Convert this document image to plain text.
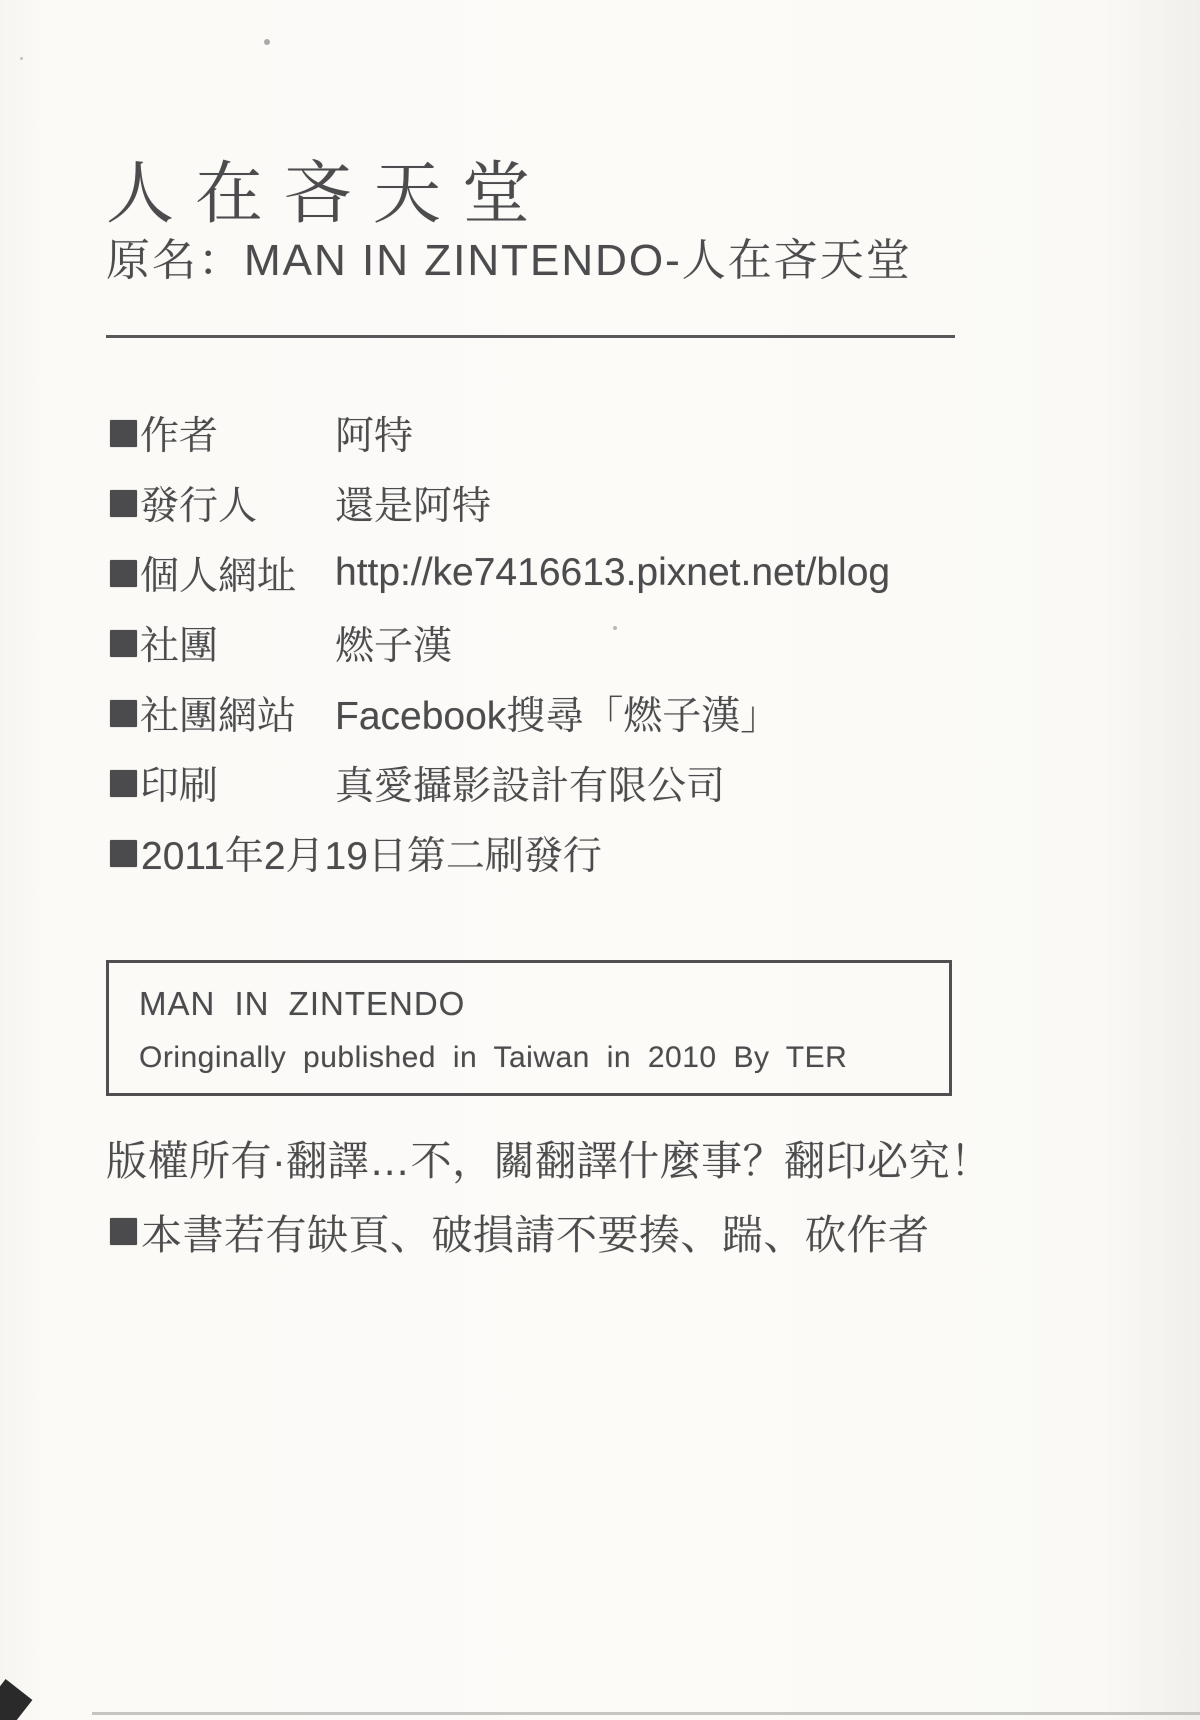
人在吝天堂
原名：MAN IN ZINTENDO-人在吝天堂
作者	阿特
發行人 還是阿特
個人網址 http://ke7416613.pixnet.net/blog
社團	燃子漢
社團網站 Facebook搜尋「燃子漢」
印刷	真愛攝影設計有限公司
2011年2月19日第二刷發行
MAN IN ZINTENDO
Oringinally published in Taiwan in 2010 By TER
版權所有·翻譯…不，關翻譯什麼事？翻印必究！
本書若有缺頁、破損請不要揍、踹、砍作者
